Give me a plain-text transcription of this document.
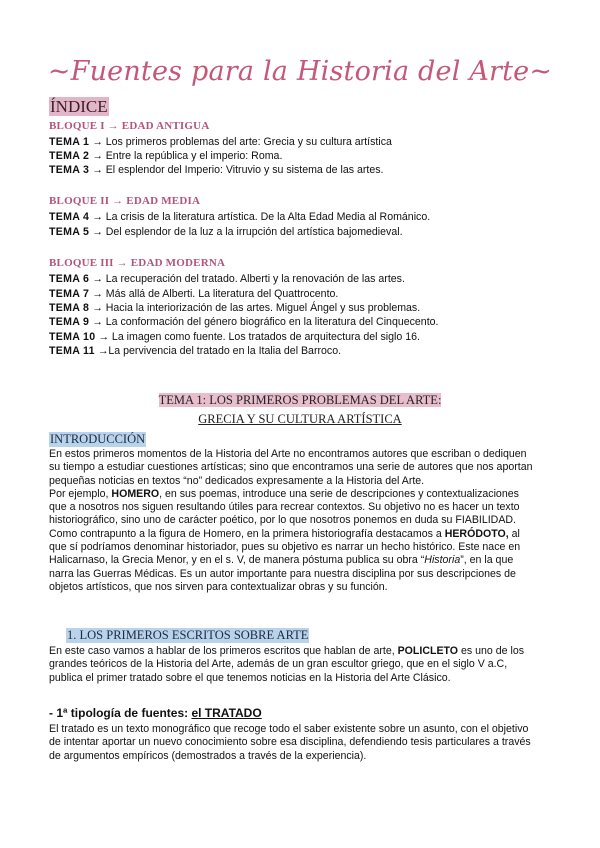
~Fuentes para la Historia del Arte~
ÍNDICE
BLOQUE I → EDAD ANTIGUA
TEMA 1 → Los primeros problemas del arte: Grecia y su cultura artística
TEMA 2 → Entre la república y el imperio: Roma.
TEMA 3 → El esplendor del Imperio: Vitruvio y su sistema de las artes.
BLOQUE II → EDAD MEDIA
TEMA 4 → La crisis de la literatura artística. De la Alta Edad Media al Románico.
TEMA 5 → Del esplendor de la luz a la irrupción del artística bajomedieval.
BLOQUE III → EDAD MODERNA
TEMA 6 → La recuperación del tratado. Alberti y la renovación de las artes.
TEMA 7 → Más allá de Alberti. La literatura del Quattrocento.
TEMA 8 → Hacia la interiorización de las artes. Miguel Ángel y sus problemas.
TEMA 9 → La conformación del género biográfico en la literatura del Cinquecento.
TEMA 10 → La imagen como fuente. Los tratados de arquitectura del siglo 16.
TEMA 11 →La pervivencia del tratado en la Italia del Barroco.
TEMA 1: LOS PRIMEROS PROBLEMAS DEL ARTE:
GRECIA Y SU CULTURA ARTÍSTICA
INTRODUCCIÓN
En estos primeros momentos de la Historia del Arte no encontramos autores que escriban o dediquen
su tiempo a estudiar cuestiones artísticas; sino que encontramos una serie de autores que nos aportan
pequeñas noticias en textos “no” dedicados expresamente a la Historia del Arte.
Por ejemplo, HOMERO, en sus poemas, introduce una serie de descripciones y contextualizaciones
que a nosotros nos siguen resultando útiles para recrear contextos. Su objetivo no es hacer un texto
historiográfico, sino uno de carácter poético, por lo que nosotros ponemos en duda su FIABILIDAD.
Como contrapunto a la figura de Homero, en la primera historiografía destacamos a HERÓDOTO, al
que sí podríamos denominar historiador, pues su objetivo es narrar un hecho histórico. Este nace en
Halicarnaso, la Grecia Menor, y en el s. V, de manera póstuma publica su obra “Historia”, en la que
narra las Guerras Médicas. Es un autor importante para nuestra disciplina por sus descripciones de
objetos artísticos, que nos sirven para contextualizar obras y su función.
1. LOS PRIMEROS ESCRITOS SOBRE ARTE
En este caso vamos a hablar de los primeros escritos que hablan de arte, POLICLETO es uno de los
grandes teóricos de la Historia del Arte, además de un gran escultor griego, que en el siglo V a.C,
publica el primer tratado sobre el que tenemos noticias en la Historia del Arte Clásico.
- 1ª tipología de fuentes: el TRATADO
El tratado es un texto monográfico que recoge todo el saber existente sobre un asunto, con el objetivo
de intentar aportar un nuevo conocimiento sobre esa disciplina, defendiendo tesis particulares a través
de argumentos empíricos (demostrados a través de la experiencia).
